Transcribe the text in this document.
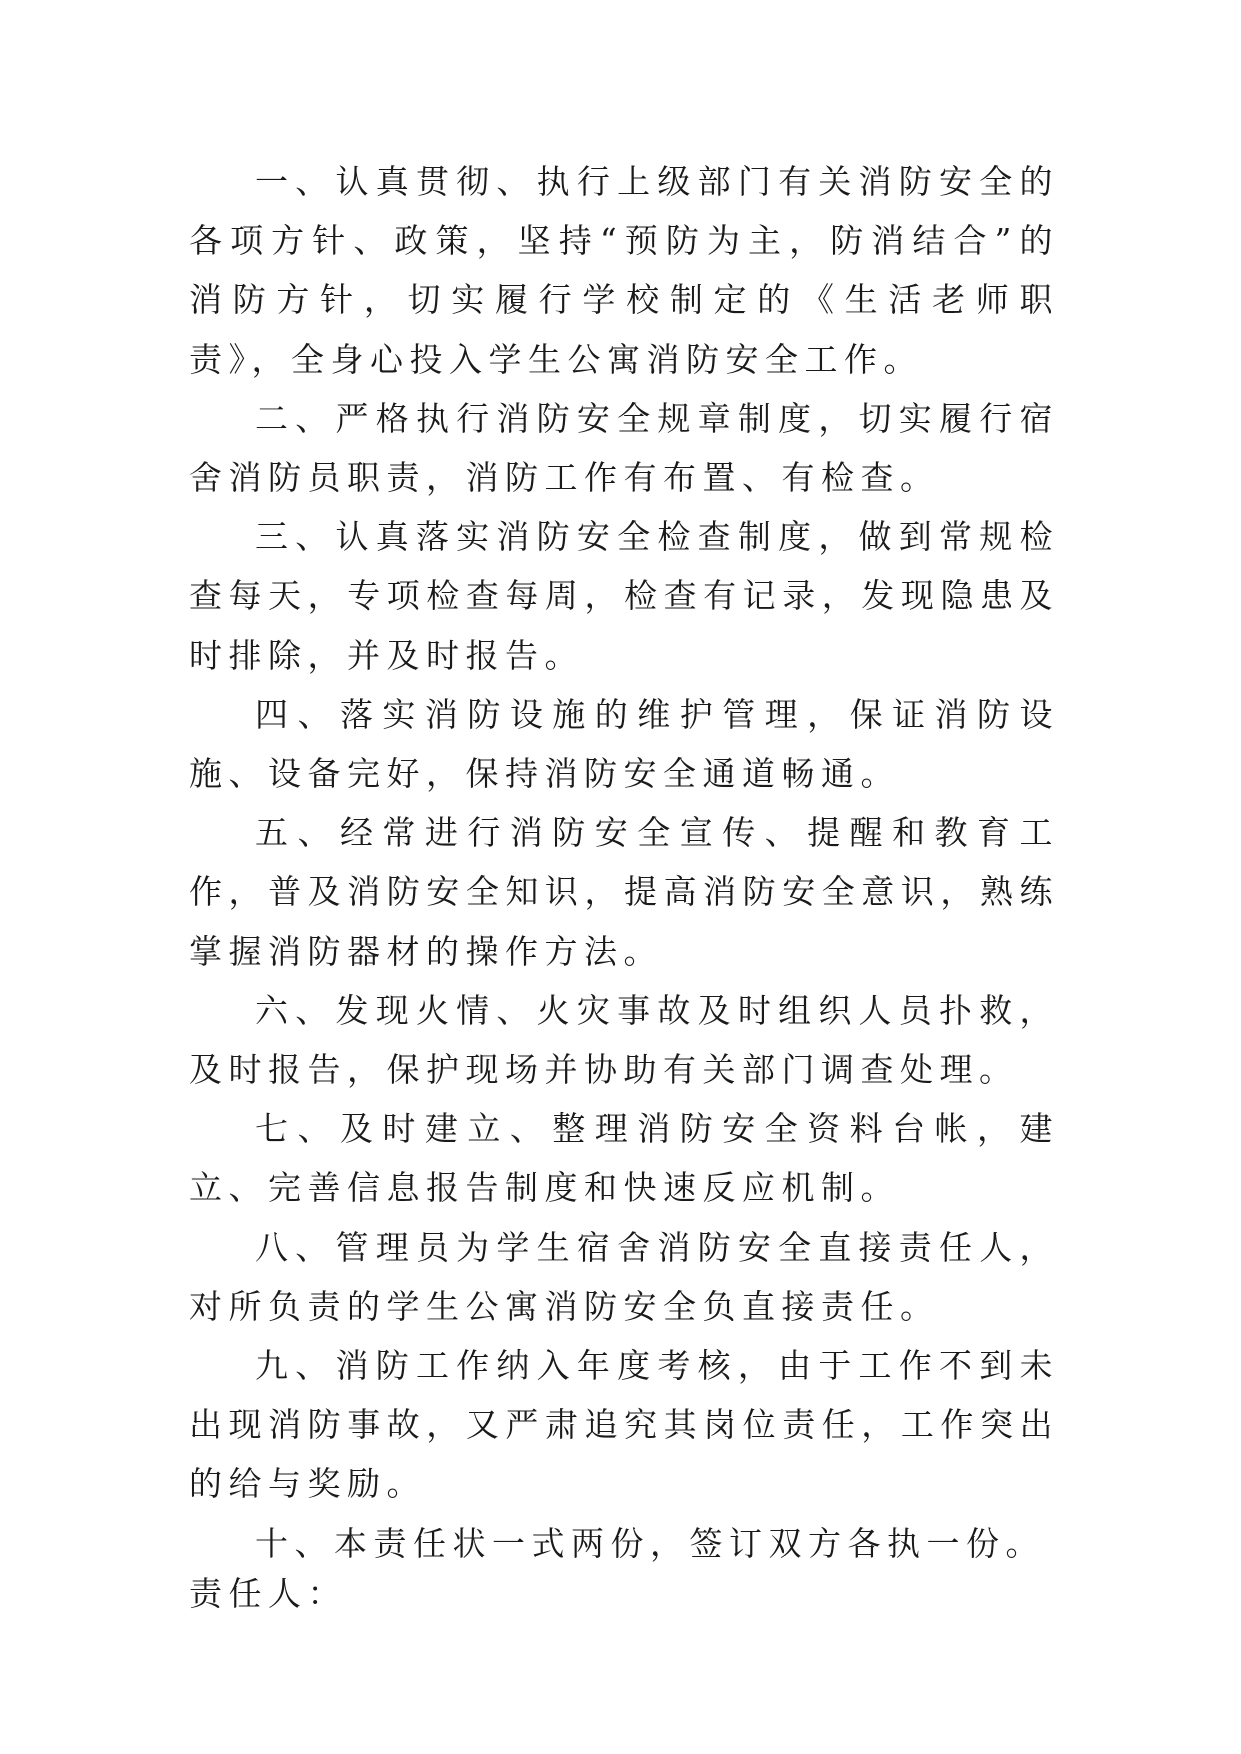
一、认真贯彻、执行上级部门有关消防安全的各项方针、政策，坚持“预防为主，防消结合”的消防方针，切实履行学校制定的《生活老师职责》，全身心投入学生公寓消防安全工作。

二、严格执行消防安全规章制度，切实履行宿舍消防员职责，消防工作有布置、有检查。

三、认真落实消防安全检查制度，做到常规检查每天，专项检查每周，检查有记录，发现隐患及时排除，并及时报告。

四、落实消防设施的维护管理，保证消防设施、设备完好，保持消防安全通道畅通。

五、经常进行消防安全宣传、提醒和教育工作，普及消防安全知识，提高消防安全意识，熟练掌握消防器材的操作方法。

六、发现火情、火灾事故及时组织人员扑救，及时报告，保护现场并协助有关部门调查处理。

七、及时建立、整理消防安全资料台帐，建立、完善信息报告制度和快速反应机制。

八、管理员为学生宿舍消防安全直接责任人，对所负责的学生公寓消防安全负直接责任。

九、消防工作纳入年度考核，由于工作不到未出现消防事故，又严肃追究其岗位责任，工作突出的给与奖励。

十、本责任状一式两份，签订双方各执一份。

责任人：
